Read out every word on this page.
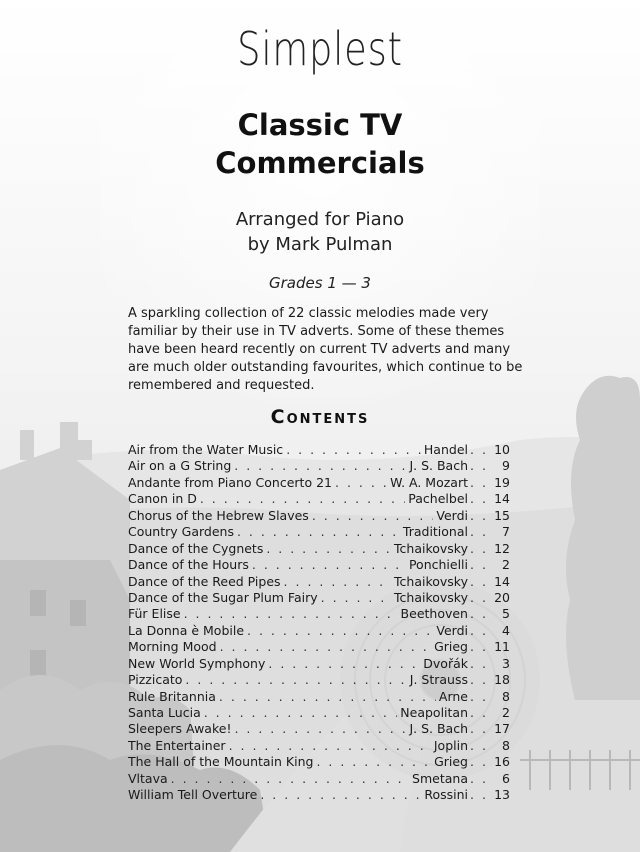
Simplest
Classic TV
Commercials
Arranged for Piano
by Mark Pulman
Grades 1 — 3
A sparkling collection of 22 classic melodies made very familiar by their use in TV adverts. Some of these themes have been heard recently on current TV adverts and many are much older outstanding favourites, which continue to be remembered and requested.
Contents
Air from the Water Music . . .	Handel . . . 10
Air on a G String . . .	J. S. Bach . . .	9
Andante from Piano Concerto 21 . . .	W. A. Mozart . . . 19
Canon in D . . .	Pachelbel . . . 14
Chorus of the Hebrew Slaves . . .	Verdi . . . 15
Country Gardens . . .	Traditional . . .	7
Dance of the Cygnets . . .	Tchaikovsky . . . 12
Dance of the Hours . . .	Ponchielli . . .	2
Dance of the Reed Pipes . . .	Tchaikovsky . . . 14
Dance of the Sugar Plum Fairy . . .	Tchaikovsky . . . 20
Für Elise . . .	Beethoven . . .	5
La Donna è Mobile . . .	Verdi . . .	4
Morning Mood . . .	Grieg . . . 11
New World Symphony . . .	Dvořák . . .	3
Pizzicato . . .	J. Strauss . . . 18
Rule Britannia . . .	Arne . . .	8
Santa Lucia . . .	Neapolitan . . .	2
Sleepers Awake! . . .	J. S. Bach . . . 17
The Entertainer . . .	Joplin . . .	8
The Hall of the Mountain King . . .	Grieg . . . 16
Vltava . . .	Smetana . . .	6
William Tell Overture . . .	Rossini . . . 13
